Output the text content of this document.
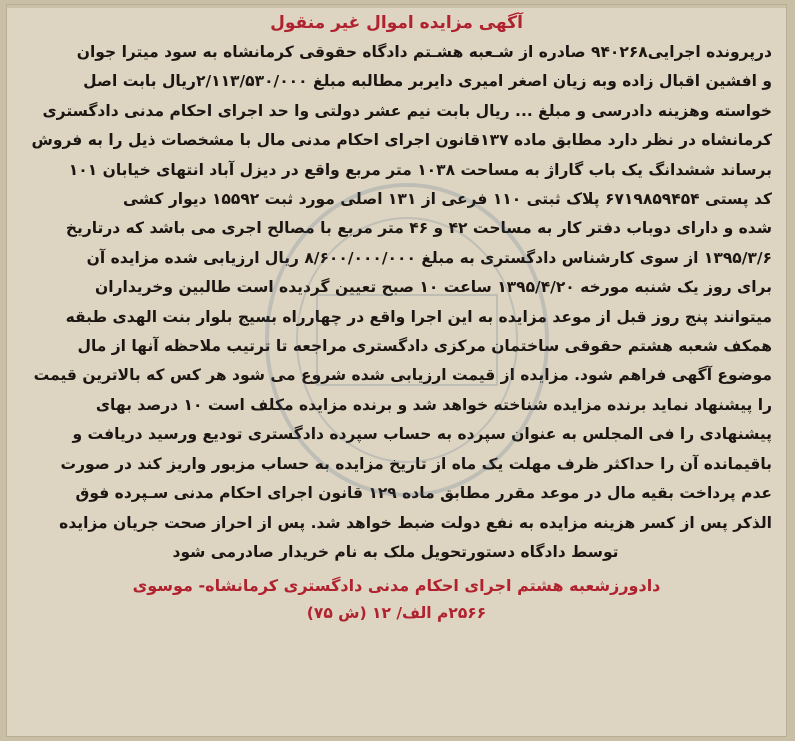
آگهی مزایده اموال غیر منقول
درپرونده اجرایی۹۴۰۲۶۸ صادره از شـعبه هشـتم دادگاه حقوقی کرمانشاه به سود میترا جوان
و افشین اقبال زاده وبه زیان اصغر امیری دایربر مطالبه مبلغ ۲/۱۱۳/۵۳۰/۰۰۰ریال بابت اصل
خواسته وهزینه دادرسی و مبلغ ... ریال بابت نیم عشر دولتی وا حد اجرای احکام مدنی دادگستری
کرمانشاه در نظر دارد مطابق ماده ۱۳۷قانون اجرای احکام مدنی مال با مشخصات ذیل را به فروش
برساند ششدانگ یک باب گاراژ به مساحت ۱۰۳۸ متر مربع واقع در دیزل آباد انتهای خیابان ۱۰۱
کد پستی ۶۷۱۹۸۵۹۴۵۴ پلاک ثبتی ۱۱۰ فرعی از ۱۳۱ اصلی مورد ثبت ۱۵۵۹۲ دیوار کشی
شده و دارای دوباب دفتر کار به مساحت ۴۲ و ۴۶ متر مربع با مصالح اجری می باشد که درتاریخ
۱۳۹۵/۳/۶ از سوی کارشناس دادگستری به مبلغ ۸/۶۰۰/۰۰۰/۰۰۰ ریال ارزیابی شده مزایده آن
برای روز یک شنبه مورخه ۱۳۹۵/۴/۲۰ ساعت ۱۰ صبح تعیین گردیده است طالبین وخریداران
میتوانند پنج روز قبل از موعد مزایده به این اجرا واقع در چهارراه بسیج بلوار بنت الهدی طبقه
همکف شعبه هشتم حقوقی ساختمان مرکزی دادگستری مراجعه تا ترتیب ملاحظه آنها از مال
موضوع آگهی فراهم شود. مزایده از قیمت ارزیابی شده شروع می شود هر کس که بالاترین قیمت
را پیشنهاد نماید برنده مزایده شناخته خواهد شد و برنده مزایده مکلف است ۱۰ درصد بهای
پیشنهادی را فی المجلس به عنوان سپرده به حساب سپرده دادگستری تودیع ورسید دریافت و
باقیمانده آن را حداکثر ظرف مهلت یک ماه از تاریخ مزایده به حساب مزبور واریز کند در صورت
عدم پرداخت بقیه مال در موعد مقرر مطابق ماده ۱۲۹ قانون اجرای احکام مدنی سـپرده فوق
الذکر پس از کسر هزینه مزایده به نفع دولت ضبط خواهد شد. پس از احراز صحت جریان مزایده
توسط دادگاه دستورتحویل ملک به نام خریدار صادرمی شود
دادورزشعبه هشتم اجرای احکام مدنی دادگستری کرمانشاه- موسوی
۲۵۶۶م الف/ ۱۲ (ش ۷۵)
